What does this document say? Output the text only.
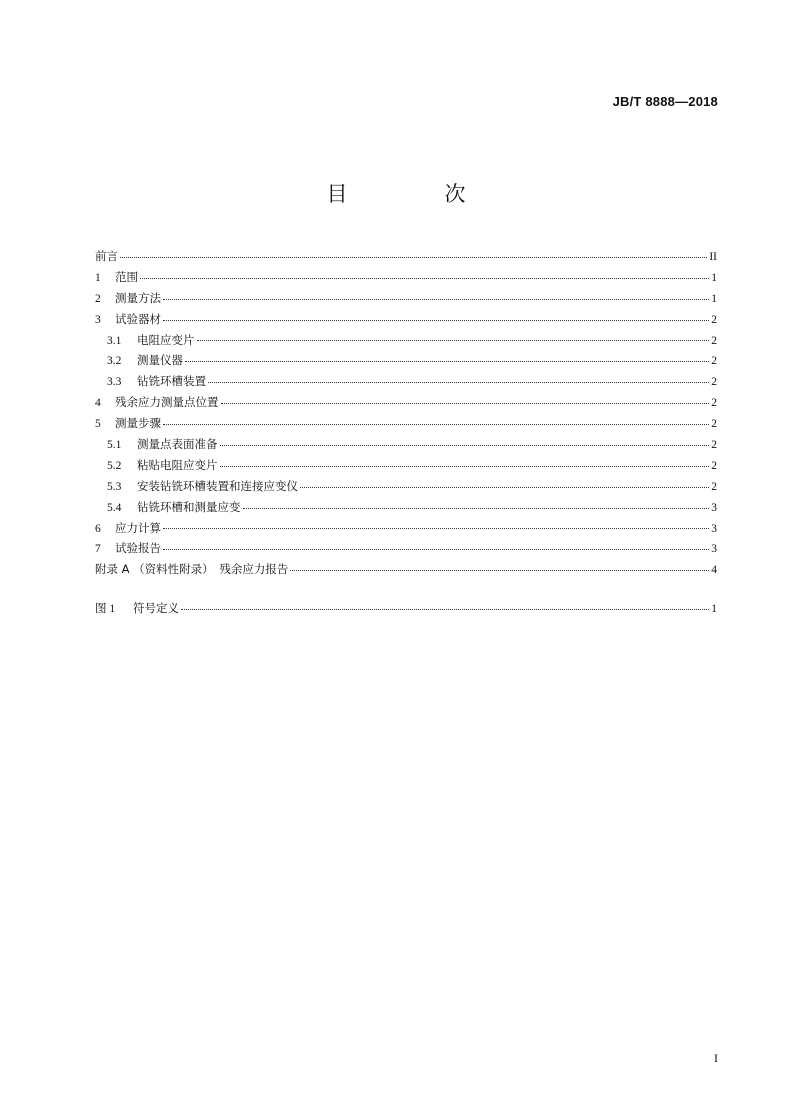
JB/T 8888—2018
目　次
前言	II
1	范围	1
2	测量方法	1
3	试验器材	2
3.1	电阻应变片	2
3.2	测量仪器	2
3.3	钻铣环槽装置	2
4	残余应力测量点位置	2
5	测量步骤	2
5.1	测量点表面准备	2
5.2	粘贴电阻应变片	2
5.3	安装钻铣环槽装置和连接应变仪	2
5.4	钻铣环槽和测量应变	3
6	应力计算	3
7	试验报告	3
附录 A （资料性附录）　残余应力报告	4
图 1	符号定义	1
I
